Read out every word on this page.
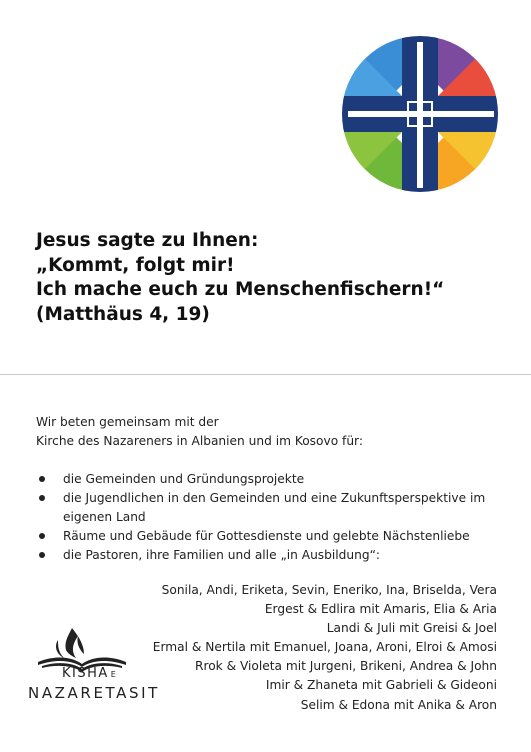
Jesus sagte zu Ihnen:
„Kommt, folgt mir!
Ich mache euch zu Menschenfischern!“
(Matthäus 4, 19)
Wir beten gemeinsam mit der
Kirche des Nazareners in Albanien und im Kosovo für:
die Gemeinden und Gründungsprojekte
die Jugendlichen in den Gemeinden und eine Zukunftsperspektive im eigenen Land
Räume und Gebäude für Gottesdienste und gelebte Nächstenliebe
die Pastoren, ihre Familien und alle „in Ausbildung“:
Sonila, Andi, Eriketa, Sevin, Eneriko, Ina, Briselda, Vera
Ergest & Edlira mit Amaris, Elia & Aria
Landi & Juli mit Greisi & Joel
Ermal & Nertila mit Emanuel, Joana, Aroni, Elroi & Amosi
Rrok & Violeta mit Jurgeni, Brikeni, Andrea & John
Imir & Zhaneta mit Gabrieli & Gideoni
Selim & Edona mit Anika & Aron
KISHA E
NAZARETASIT
